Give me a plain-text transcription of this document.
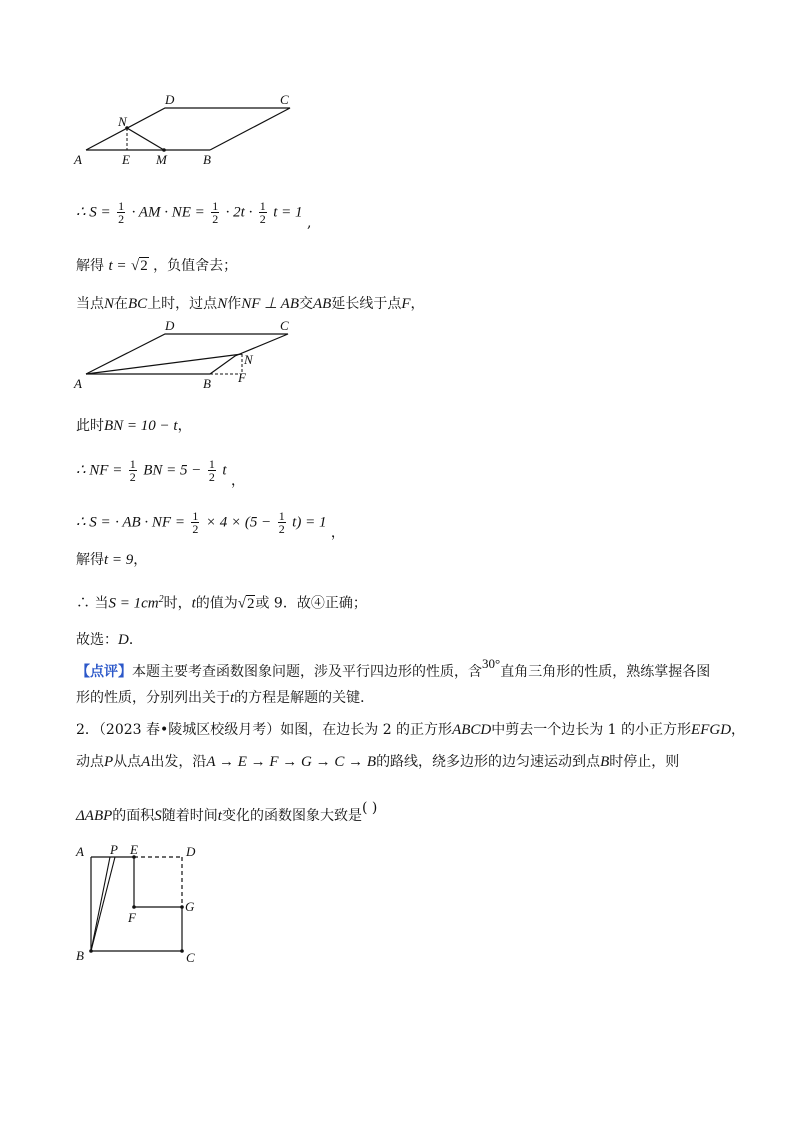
D	C
N
A	E M	B
∴ $S = \frac{1}{2}$ · AM · NE = $\frac{1}{2} \cdot 2t \cdot \frac{1}{2}$ t = 1 ,
解得 t = √2 ，负值舍去；
当点N在BC上时，过点N作NF ⊥ AB交AB延长线于点F，
D	C
N
A	B F
此时BN = 10 − t，
∴ NF = $\frac{1}{2}$ BN = $5 - \frac{1}{2}$ t ，
∴ S = · AB · NF = $\frac{1}{2} \times 4 \times (5 - \frac{1}{2} t) = 1$ ，
解得t = 9，
∴ 当$S = 1cm^2$时，t的值为√2或 9．故④正确；
故选：D．
【点评】本题主要考查函数图象问题，涉及平行四边形的性质，含30°直角三角形的性质，熟练掌握各图
形的性质，分别列出关于t的方程是解题的关键．
2．（2023 春•陵城区校级月考）如图，在边长为 2 的正方形ABCD中剪去一个边长为 1 的小正方形EFGD，
动点P从点A出发，沿A → E → F → G → C → B的路线，绕多边形的边匀速运动到点B时停止，则
ΔABP的面积S随着时间t变化的函数图象大致是( )
A P E	D
F
G
B	C
